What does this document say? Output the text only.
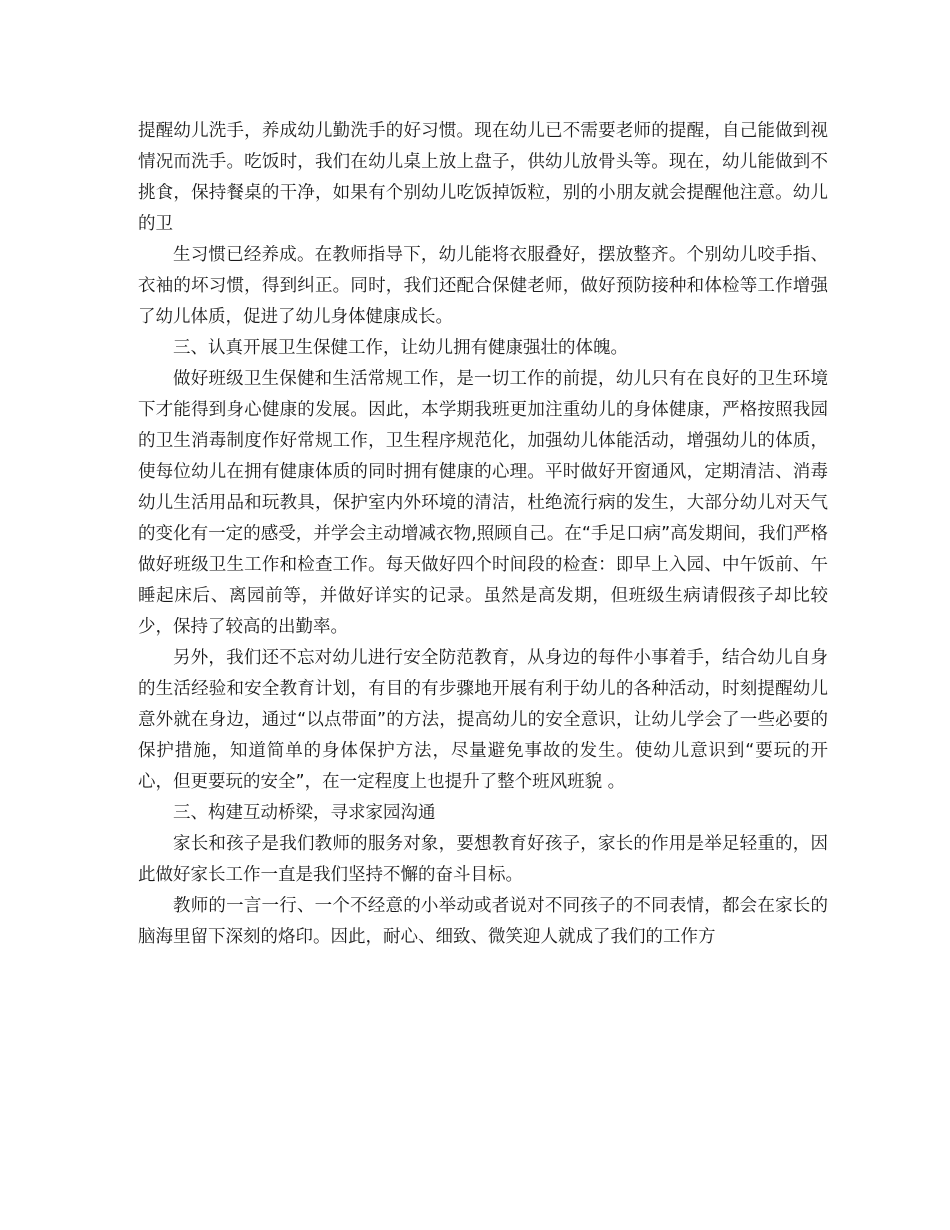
提醒幼儿洗手，养成幼儿勤洗手的好习惯。现在幼儿已不需要老师的提醒，自己能做到视情况而洗手。吃饭时，我们在幼儿桌上放上盘子，供幼儿放骨头等。现在，幼儿能做到不挑食，保持餐桌的干净，如果有个别幼儿吃饭掉饭粒，别的小朋友就会提醒他注意。幼儿的卫

生习惯已经养成。在教师指导下，幼儿能将衣服叠好，摆放整齐。个别幼儿咬手指、衣袖的坏习惯，得到纠正。同时，我们还配合保健老师，做好预防接种和体检等工作增强了幼儿体质，促进了幼儿身体健康成长。

三、认真开展卫生保健工作，让幼儿拥有健康强壮的体魄。

做好班级卫生保健和生活常规工作，是一切工作的前提，幼儿只有在良好的卫生环境下才能得到身心健康的发展。因此，本学期我班更加注重幼儿的身体健康，严格按照我园的卫生消毒制度作好常规工作，卫生程序规范化，加强幼儿体能活动，增强幼儿的体质，使每位幼儿在拥有健康体质的同时拥有健康的心理。平时做好开窗通风，定期清洁、消毒幼儿生活用品和玩教具，保护室内外环境的清洁，杜绝流行病的发生，大部分幼儿对天气的变化有一定的感受，并学会主动增减衣物,照顾自己。在“手足口病”高发期间，我们严格做好班级卫生工作和检查工作。每天做好四个时间段的检查：即早上入园、中午饭前、午睡起床后、离园前等，并做好详实的记录。虽然是高发期，但班级生病请假孩子却比较少，保持了较高的出勤率。

另外，我们还不忘对幼儿进行安全防范教育，从身边的每件小事着手，结合幼儿自身的生活经验和安全教育计划，有目的有步骤地开展有利于幼儿的各种活动，时刻提醒幼儿意外就在身边，通过“以点带面”的方法，提高幼儿的安全意识，让幼儿学会了一些必要的保护措施，知道简单的身体保护方法，尽量避免事故的发生。使幼儿意识到“要玩的开心，但更要玩的安全”，在一定程度上也提升了整个班风班貌 。

三、构建互动桥梁，寻求家园沟通

家长和孩子是我们教师的服务对象，要想教育好孩子，家长的作用是举足轻重的，因此做好家长工作一直是我们坚持不懈的奋斗目标。

教师的一言一行、一个不经意的小举动或者说对不同孩子的不同表情，都会在家长的脑海里留下深刻的烙印。因此，耐心、细致、微笑迎人就成了我们的工作方
